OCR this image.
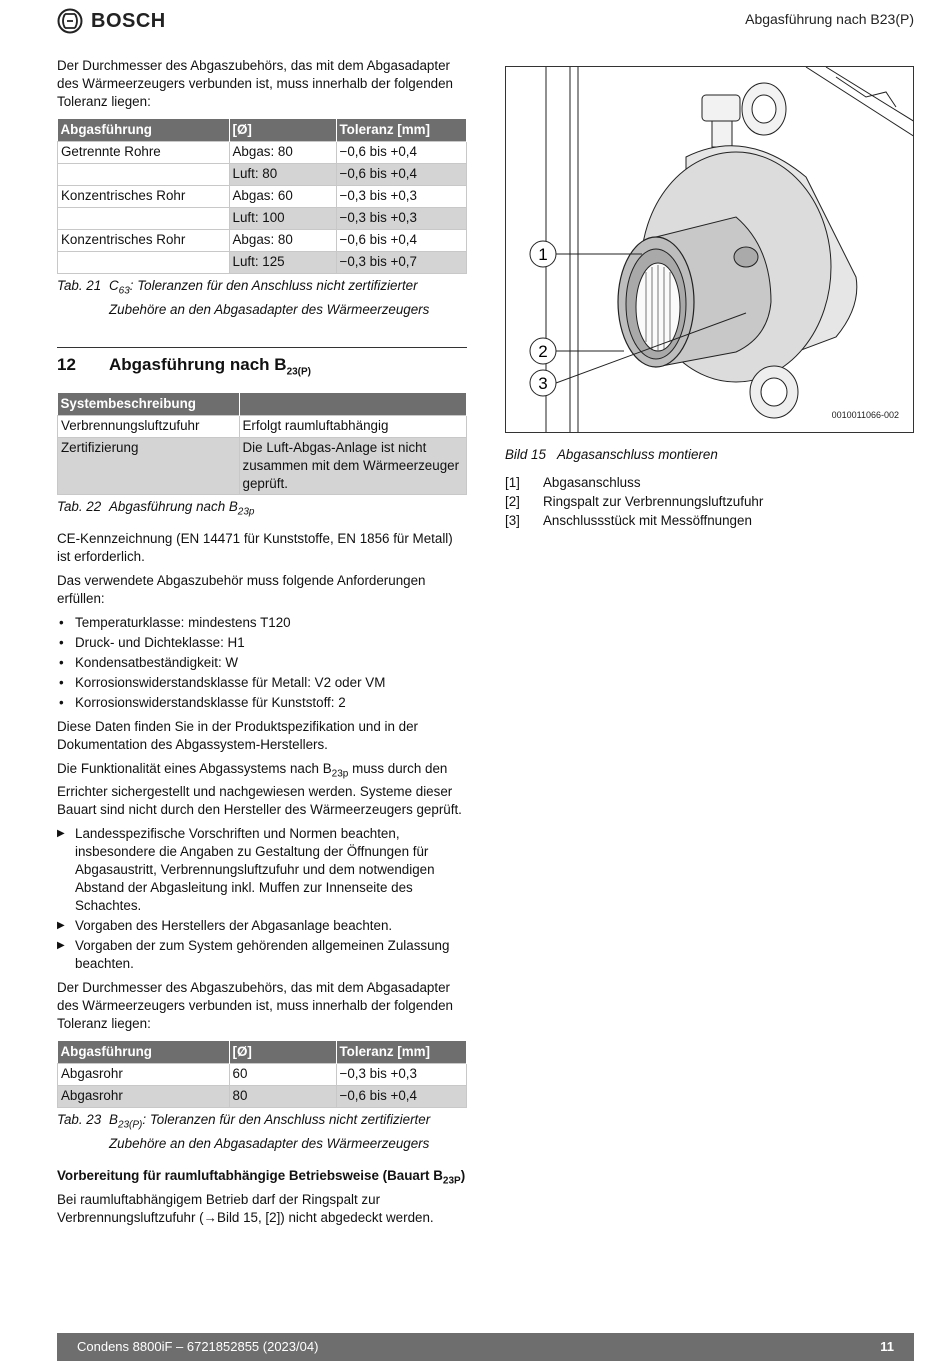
BOSCH	Abgasführung nach B23(P)

Der Durchmesser des Abgaszubehörs, das mit dem Abgasadapter des Wärmeerzeugers verbunden ist, muss innerhalb der folgenden Toleranz liegen:

Abgasführung	[Ø]	Toleranz [mm]
Getrennte Rohre	Abgas: 80	−0,6 bis +0,4
	Luft: 80	−0,6 bis +0,4
Konzentrisches Rohr	Abgas: 60	−0,3 bis +0,3
	Luft: 100	−0,3 bis +0,3
Konzentrisches Rohr	Abgas: 80	−0,6 bis +0,4
	Luft: 125	−0,3 bis +0,7
Tab. 21 $C_{63}$: Toleranzen für den Anschluss nicht zertifizierter Zubehöre an den Abgasadapter des Wärmeerzeugers
12	Abgasführung nach $B_{23(P)}$
Systembeschreibung	
Verbrennungsluftzufuhr	Erfolgt raumluftabhängig
Zertifizierung	Die Luft-Abgas-Anlage ist nicht zusammen mit dem Wärmeerzeuger geprüft.
Tab. 22 Abgasführung nach $B_{23p}$

CE-Kennzeichnung (EN 14471 für Kunststoffe, EN 1856 für Metall) ist erforderlich.

Das verwendete Abgaszubehör muss folgende Anforderungen erfüllen:

• Temperaturklasse: mindestens T120
• Druck- und Dichteklasse: H1
• Kondensatbeständigkeit: W
• Korrosionswiderstandsklasse für Metall: V2 oder VM
• Korrosionswiderstandsklasse für Kunststoff: 2

Diese Daten finden Sie in der Produktspezifikation und in der Dokumentation des Abgassystem-Herstellers.

Die Funktionalität eines Abgassystems nach $B_{23p}$ muss durch den Errichter sichergestellt und nachgewiesen werden. Systeme dieser Bauart sind nicht durch den Hersteller des Wärmeerzeugers geprüft.

▶ Landesspezifische Vorschriften und Normen beachten, insbesondere die Angaben zu Gestaltung der Öffnungen für Abgasaustritt, Verbrennungsluftzufuhr und dem notwendigen Abstand der Abgasleitung inkl. Muffen zur Innenseite des Schachtes.
▶ Vorgaben des Herstellers der Abgasanlage beachten.
▶ Vorgaben der zum System gehörenden allgemeinen Zulassung beachten.

Der Durchmesser des Abgaszubehörs, das mit dem Abgasadapter des Wärmeerzeugers verbunden ist, muss innerhalb der folgenden Toleranz liegen:

Abgasführung	[Ø]	Toleranz [mm]
Abgasrohr	60	−0,3 bis +0,3
Abgasrohr	80	−0,6 bis +0,4
Tab. 23 $B_{23(P)}$: Toleranzen für den Anschluss nicht zertifizierter Zubehöre an den Abgasadapter des Wärmeerzeugers
Vorbereitung für raumluftabhängige Betriebsweise (Bauart $B_{23P}$)

Bei raumluftabhängigem Betrieb darf der Ringspalt zur Verbrennungsluftzufuhr (→Bild 15, [2]) nicht abgedeckt werden.

1
2
3
0010011066-002
Bild 15 Abgasanschluss montieren
[1]	Abgasanschluss
[2]	Ringspalt zur Verbrennungsluftzufuhr
[3]	Anschlussstück mit Messöffnungen
Condens 8800iF – 6721852855 (2023/04)	11
